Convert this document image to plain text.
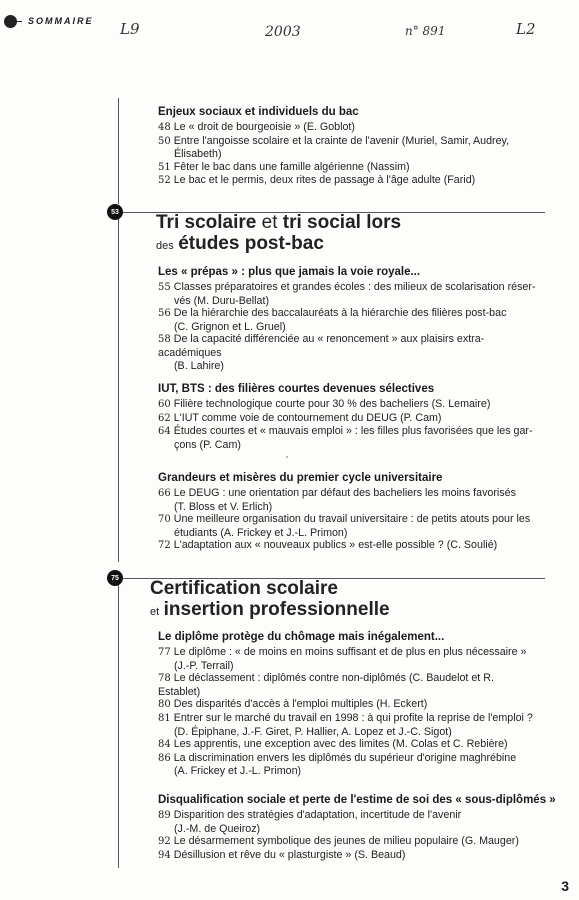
SOMMAIRE L9	2003	n° 891	L2
Enjeux sociaux et individuels du bac
48 Le « droit de bourgeoisie » (E. Goblot)
50 Entre l'angoisse scolaire et la crainte de l'avenir (Muriel, Samir, Audrey,
Élisabeth)
51 Fêter le bac dans une famille algérienne (Nassim)
52 Le bac et le permis, deux rites de passage à l'âge adulte (Farid)
53 Tri scolaire et tri social lors
des études post-bac
Les « prépas » : plus que jamais la voie royale...
55 Classes préparatoires et grandes écoles : des milieux de scolarisation réser-
vés (M. Duru-Bellat)
56 De la hiérarchie des baccalauréats à la hiérarchie des filières post-bac
(C. Grignon et L. Gruel)
58 De la capacité différenciée au « renoncement » aux plaisirs extra-académiques
(B. Lahire)
IUT, BTS : des filières courtes devenues sélectives
60 Filière technologique courte pour 30 % des bacheliers (S. Lemaire)
62 L'IUT comme voie de contournement du DEUG (P. Cam)
64 Études courtes et « mauvais emploi » : les filles plus favorisées que les gar-
çons (P. Cam)
'
Grandeurs et misères du premier cycle universitaire
66 Le DEUG : une orientation par défaut des bacheliers les moins favorisés
(T. Bloss et V. Erlich)
70 Une meilleure organisation du travail universitaire : de petits atouts pour les
étudiants (A. Frickey et J.-L. Primon)
72 L'adaptation aux « nouveaux publics » est-elle possible ? (C. Soulié)
75 Certification scolaire
et insertion professionnelle
Le diplôme protège du chômage mais inégalement...
77 Le diplôme : « de moins en moins suffisant et de plus en plus nécessaire »
(J.-P. Terrail)
78 Le déclassement : diplômés contre non-diplômés (C. Baudelot et R. Establet)
80 Des disparités d'accès à l'emploi multiples (H. Eckert)
81 Entrer sur le marché du travail en 1998 : à qui profite la reprise de l'emploi ?
(D. Épiphane, J.-F. Giret, P. Hallier, A. Lopez et J.-C. Sigot)
84 Les apprentis, une exception avec des limites (M. Colas et C. Rebière)
86 La discrimination envers les diplômés du supérieur d'origine maghrébine
(A. Frickey et J.-L. Primon)
Disqualification sociale et perte de l'estime de soi des « sous-diplômés »
89 Disparition des stratégies d'adaptation, incertitude de l'avenir
(J.-M. de Queiroz)
92 Le désarmement symbolique des jeunes de milieu populaire (G. Mauger)
94 Désillusion et rêve du « plasturgiste » (S. Beaud)
3
